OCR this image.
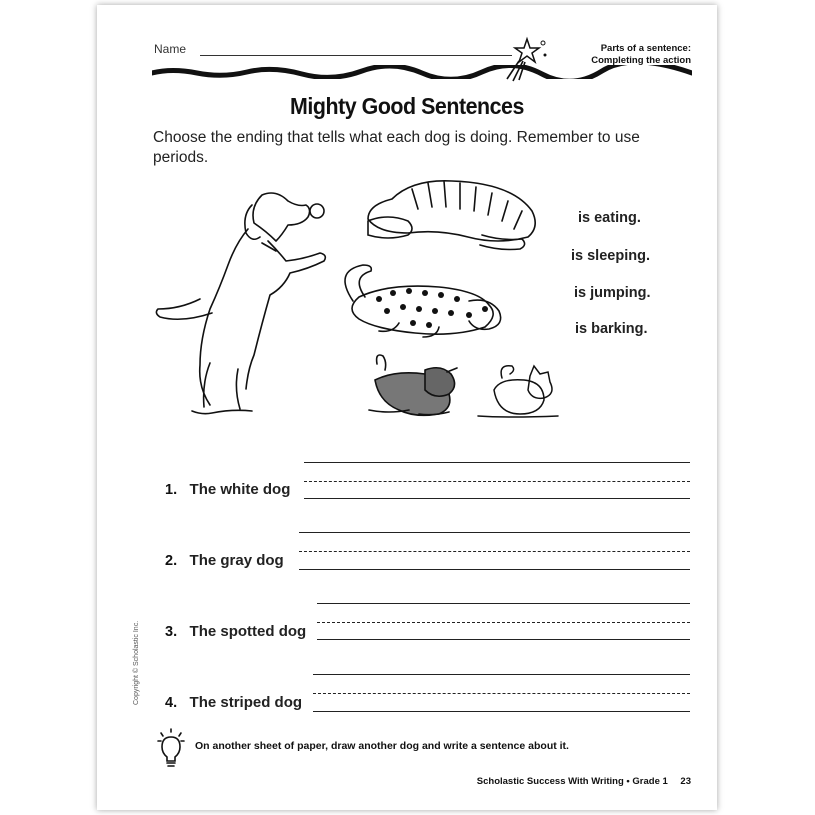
Name	Parts of a sentence:
Completing the action
Mighty Good Sentences
Choose the ending that tells what each dog is doing. Remember to use periods.
is eating.
is sleeping.
is jumping.
is barking.
1. The white dog
2. The gray dog
3. The spotted dog
4. The striped dog
On another sheet of paper, draw another dog and write a sentence about it.
Scholastic Success With Writing • Grade 1 23
Copyright © Scholastic Inc.
